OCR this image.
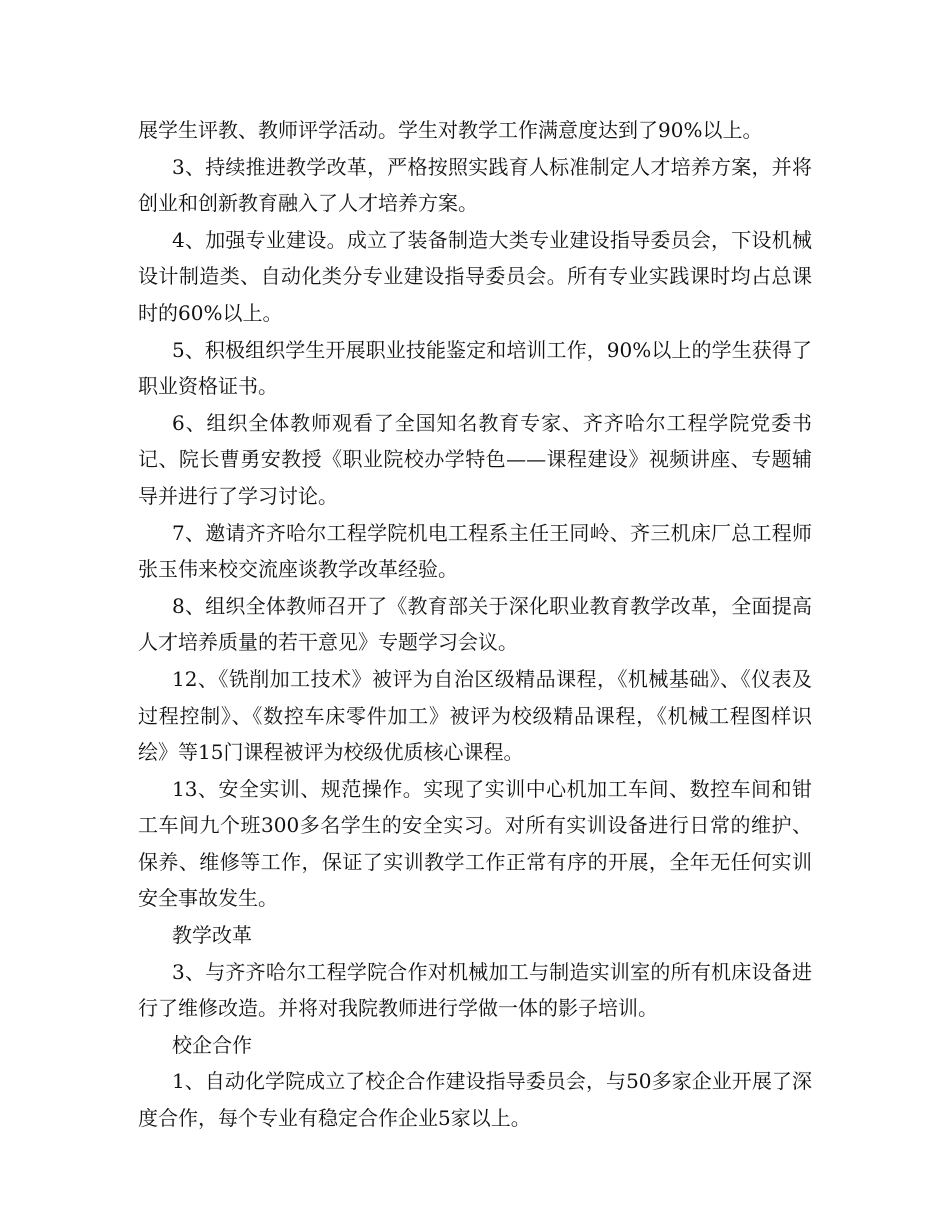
展学生评教、教师评学活动。学生对教学工作满意度达到了90%以上。

3、持续推进教学改革，严格按照实践育人标准制定人才培养方案，并将创业和创新教育融入了人才培养方案。

4、加强专业建设。成立了装备制造大类专业建设指导委员会，下设机械设计制造类、自动化类分专业建设指导委员会。所有专业实践课时均占总课时的60%以上。

5、积极组织学生开展职业技能鉴定和培训工作，90%以上的学生获得了职业资格证书。

6、组织全体教师观看了全国知名教育专家、齐齐哈尔工程学院党委书记、院长曹勇安教授《职业院校办学特色——课程建设》视频讲座、专题辅导并进行了学习讨论。

7、邀请齐齐哈尔工程学院机电工程系主任王同岭、齐三机床厂总工程师张玉伟来校交流座谈教学改革经验。

8、组织全体教师召开了《教育部关于深化职业教育教学改革，全面提高人才培养质量的若干意见》专题学习会议。

12、《铣削加工技术》被评为自治区级精品课程，《机械基础》、《仪表及过程控制》、《数控车床零件加工》被评为校级精品课程，《机械工程图样识绘》等15门课程被评为校级优质核心课程。

13、安全实训、规范操作。实现了实训中心机加工车间、数控车间和钳工车间九个班300多名学生的安全实习。对所有实训设备进行日常的维护、保养、维修等工作，保证了实训教学工作正常有序的开展，全年无任何实训安全事故发生。

教学改革

3、与齐齐哈尔工程学院合作对机械加工与制造实训室的所有机床设备进行了维修改造。并将对我院教师进行学做一体的影子培训。

校企合作

1、自动化学院成立了校企合作建设指导委员会，与50多家企业开展了深度合作，每个专业有稳定合作企业5家以上。
